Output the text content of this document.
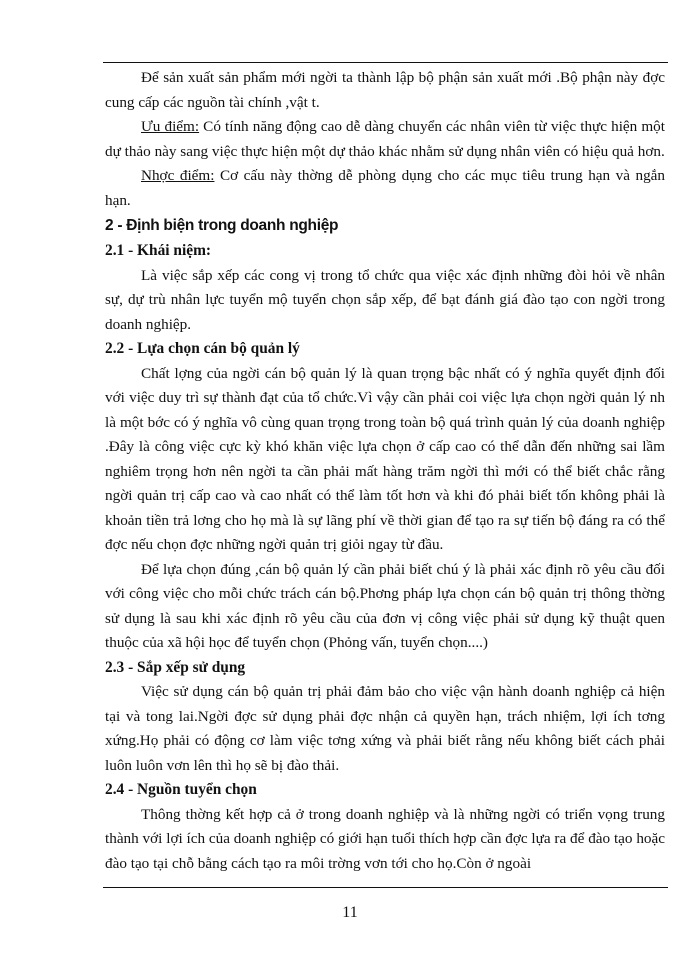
Để sản xuất sản phẩm mới ngời ta thành lập bộ phận sản xuất mới .Bộ phận này đợc cung cấp các nguồn tài chính ,vật t.

Ưu điểm: Có tính năng động cao dễ dàng chuyển các nhân viên từ việc thực hiện một dự thảo này sang việc thực hiện một dự thảo khác nhằm sử dụng nhân viên có hiệu quả hơn.

Nhợc điểm: Cơ cấu này thờng dễ phòng dụng cho các mục tiêu trung hạn và ngắn hạn.

2 - Định biện trong doanh nghiệp

2.1 - Khái niệm:

Là việc sắp xếp các cong vị trong tổ chức qua việc xác định những đòi hỏi về nhân sự, dự trù nhân lực tuyển mộ tuyển chọn sắp xếp, để bạt đánh giá đào tạo con ngời trong doanh nghiệp.

2.2 - Lựa chọn cán bộ quản lý

Chất lợng của ngời cán bộ quản lý là quan trọng bậc nhất có ý nghĩa quyết định đối với việc duy trì sự thành đạt của tổ chức.Vì vậy cần phải coi việc lựa chọn ngời quản lý nh là một bớc có ý nghĩa vô cùng quan trọng trong toàn bộ quá trình quản lý của doanh nghiệp .Đây là công việc cực kỳ khó khăn việc lựa chọn ở cấp cao có thể dẫn đến những sai lầm nghiêm trọng hơn nên ngời ta cần phải mất hàng trăm ngời thì mới có thể biết chắc rằng ngời quản trị cấp cao và cao nhất có thể làm tốt hơn và khi đó phải biết tốn không phải là khoản tiền trả lơng cho họ mà là sự lãng phí về thời gian để tạo ra sự tiến bộ đáng ra có thể đợc nếu chọn đợc những ngời quản trị giỏi ngay từ đầu.

Để lựa chọn đúng ,cán bộ quản lý cần phải biết chú ý là phải xác định rõ yêu cầu đối với công việc cho mỗi chức trách cán bộ.Phơng pháp lựa chọn cán bộ quản trị thông thờng sử dụng là sau khi xác định rõ yêu cầu của đơn vị công việc phải sử dụng kỹ thuật quen thuộc của xã hội học để tuyển chọn (Phỏng vấn, tuyển chọn....)

2.3 - Sắp xếp sử dụng

Việc sử dụng cán bộ quản trị phải đảm bảo cho việc vận hành doanh nghiệp cả hiện tại và tong lai.Ngời đợc sử dụng phải đợc nhận cả quyền hạn, trách nhiệm, lợi ích tơng xứng.Họ phải có động cơ làm việc tơng xứng và phải biết rằng nếu không biết cách phải luôn luôn vơn lên thì họ sẽ bị đào thải.

2.4 - Nguồn tuyển chọn

Thông thờng kết hợp cả ở trong doanh nghiệp và là những ngời có triển vọng trung thành với lợi ích của doanh nghiệp có giới hạn tuổi thích hợp cần đợc lựa ra để đào tạo hoặc đào tạo tại chỗ bằng cách tạo ra môi trờng vơn tới cho họ.Còn ở ngoài

11
